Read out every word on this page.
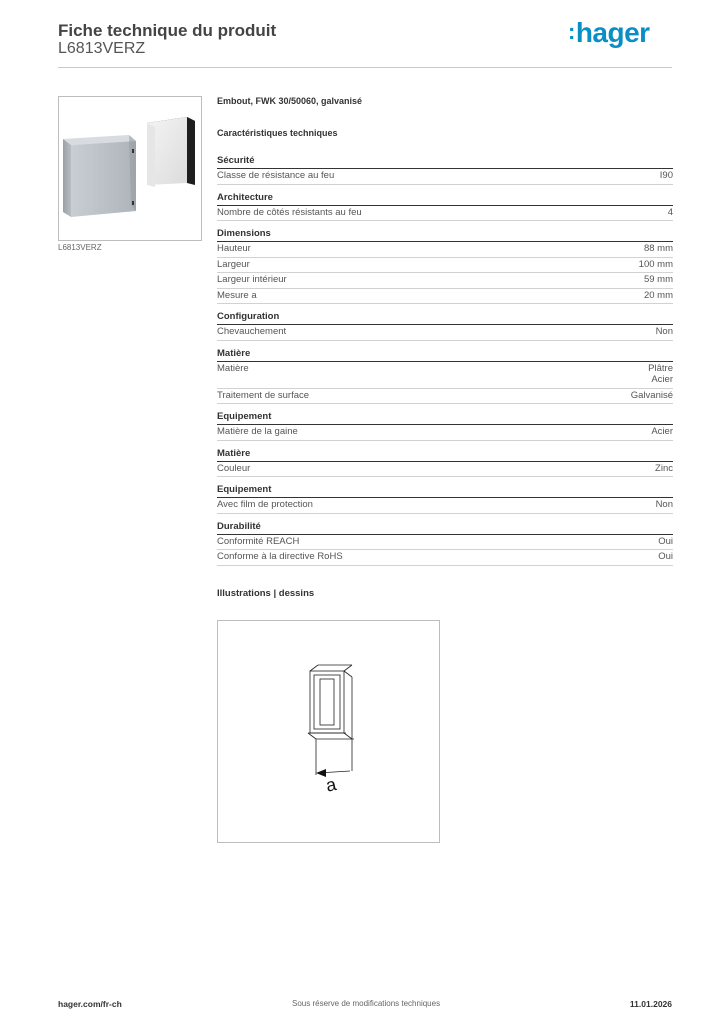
Fiche technique du produit
L6813VERZ
:hager
L6813VERZ
Embout, FWK 30/50060, galvanisé
Caractéristiques techniques
Sécurité
Classe de résistance au feu	I90
Architecture
Nombre de côtés résistants au feu	4
Dimensions
Hauteur	88 mm
Largeur	100 mm
Largeur intérieur	59 mm
Mesure a	20 mm
Configuration
Chevauchement	Non
Matière
Matière	Plâtre
Acier
Traitement de surface	Galvanisé
Equipement
Matière de la gaine	Acier
Matière
Couleur	Zinc
Equipement
Avec film de protection	Non
Durabilité
Conformité REACH	Oui
Conforme à la directive RoHS	Oui
Illustrations | dessins
a
hager.com/fr-ch	Sous réserve de modifications techniques	11.01.2026
